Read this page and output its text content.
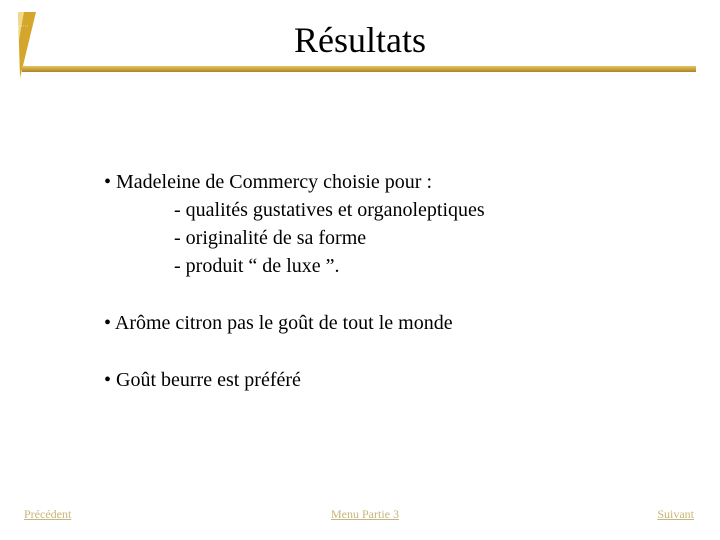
Résultats
• Madeleine de Commercy choisie pour :
- qualités gustatives et organoleptiques
- originalité de sa forme
- produit “ de luxe ”.
• Arôme citron pas le goût de tout le monde
• Goût beurre est préféré
Précédent	Menu Partie 3	Suivant
